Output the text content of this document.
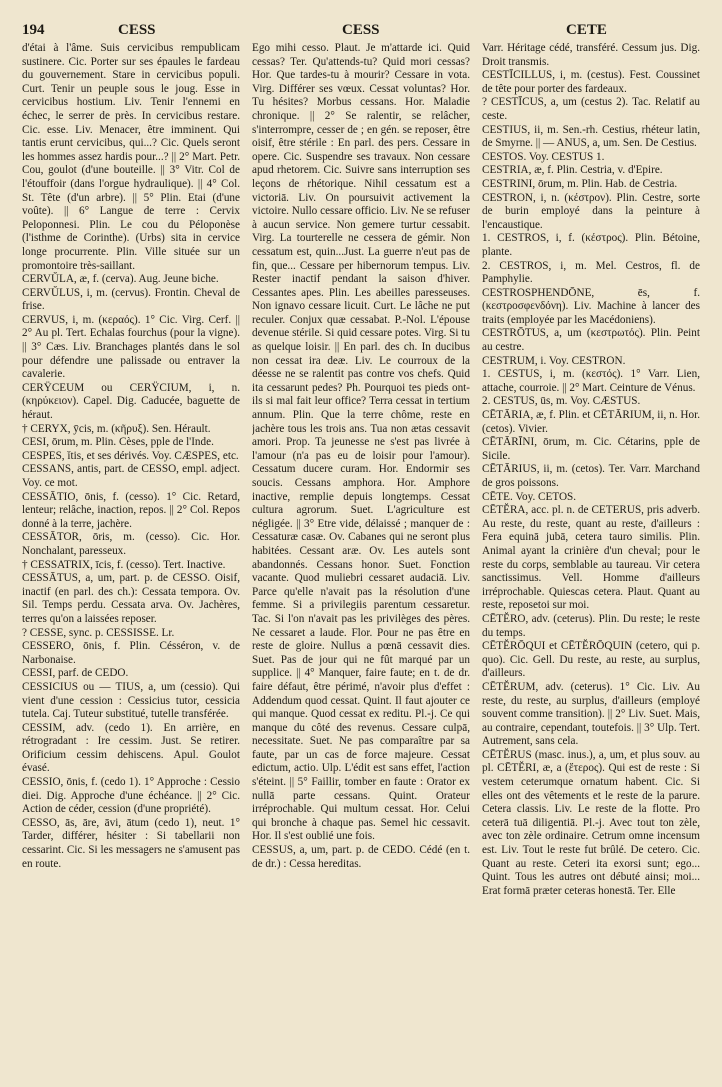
194	CESS	CESS	CETE

d'étai à l'âme. Suis cervicibus rempublicam sustinere. Cic. Porter sur ses épaules le fardeau du gouvernement. Stare in cervicibus populi. Curt. Tenir un peuple sous le joug. Esse in cervicibus hostium. Liv. Tenir l'ennemi en échec, le serrer de près. In cervicibus restare. Cic. esse. Liv. Menacer, être imminent. Qui tantis erunt cervicibus, qui...? Cic. Quels seront les hommes assez hardis pour...? || 2° Mart. Petr. Cou, goulot (d'une bouteille. || 3° Vitr. Col de l'étouffoir (dans l'orgue hydraulique). || 4° Col. St. Tête (d'un arbre). || 5° Plin. Etai (d'une voûte). || 6° Langue de terre : Cervix Peloponnesi. Plin. Le cou du Péloponèse (l'isthme de Corinthe). (Urbs) sita in cervice longe procurrente. Plin. Ville située sur un promontoire très-saillant.

CERVŬLA, æ, f. (cerva). Aug. Jeune biche.

CERVŬLUS, i, m. (cervus). Frontin. Cheval de frise.

CERVUS, i, m. (κεραός). 1° Cic. Virg. Cerf. || 2° Au pl. Tert. Echalas fourchus (pour la vigne). || 3° Cæs. Liv. Branchages plantés dans le sol pour défendre une palissade ou entraver la cavalerie.

CERŸCEUM ou CERŸCIUM, i, n. (κηρύκειον). Capel. Dig. Caducée, baguette de héraut.

† CERYX, ȳcis, m. (κῆρυξ). Sen. Hérault.

CESI, ōrum, m. Plin. Cèses, pple de l'Inde.

CESPES, ĭtis, et ses dérivés. Voy. CÆSPES, etc.

CESSANS, antis, part. de CESSO, empl. adject. Voy. ce mot.

CESSĀTIO, ōnis, f. (cesso). 1° Cic. Retard, lenteur; relâche, inaction, repos. || 2° Col. Repos donné à la terre, jachère.

CESSĀTOR, ōris, m. (cesso). Cic. Hor. Nonchalant, paresseux.

† CESSATRIX, īcis, f. (cesso). Tert. Inactive.

CESSĀTUS, a, um, part. p. de CESSO. Oisif, inactif (en parl. des ch.): Cessata tempora. Ov. Sil. Temps perdu. Cessata arva. Ov. Jachères, terres qu'on a laissées reposer.

? CESSE, sync. p. CESSISSE. Lr.

CESSERO, ōnis, f. Plin. Césséron, v. de Narbonaise.

CESSI, parf. de CEDO.

CESSICIUS ou — TIUS, a, um (cessio). Qui vient d'une cession : Cessicius tutor, cessicia tutela. Caj. Tuteur substitué, tutelle transférée.

CESSIM, adv. (cedo 1). En arrière, en rétrogradant : Ire cessim. Just. Se retirer. Orificium cessim dehiscens. Apul. Goulot évasé.

CESSIO, ōnis, f. (cedo 1). 1° Approche : Cessio diei. Dig. Approche d'une échéance. || 2° Cic. Action de céder, cession (d'une propriété).

CESSO, ās, āre, āvi, ātum (cedo 1), neut. 1° Tarder, différer, hésiter : Si tabellarii non cessarint. Cic. Si les messagers ne s'amusent pas en route.

Ego mihi cesso. Plaut. Je m'attarde ici. Quid cessas? Ter. Qu'attends-tu? Quid mori cessas? Hor. Que tardes-tu à mourir? Cessare in vota. Virg. Différer ses vœux. Cessat voluntas? Hor. Tu hésites? Morbus cessans. Hor. Maladie chronique. || 2° Se ralentir, se relâcher, s'interrompre, cesser de ; en gén. se reposer, être oisif, être stérile : En parl. des pers. Cessare in opere. Cic. Suspendre ses travaux. Non cessare apud rhetorem. Cic. Suivre sans interruption ses leçons de rhétorique. Nihil cessatum est a victoriā. Liv. On poursuivit activement la victoire. Nullo cessare officio. Liv. Ne se refuser à aucun service. Non gemere turtur cessabit. Virg. La tourterelle ne cessera de gémir. Non cessatum est, quin...Just. La guerre n'eut pas de fin, que... Cessare per hibernorum tempus. Liv. Rester inactif pendant la saison d'hiver. Cessantes apes. Plin. Les abeilles paresseuses. Non ignavo cessare licuit. Curt. Le lâche ne put reculer. Conjux quæ cessabat. P.-Nol. L'épouse devenue stérile. Si quid cessare potes. Virg. Si tu as quelque loisir. || En parl. des ch. In ducibus non cessat ira deæ. Liv. Le courroux de la déesse ne se ralentit pas contre vos chefs. Quid ita cessarunt pedes? Ph. Pourquoi tes pieds ont-ils si mal fait leur office? Terra cessat in tertium annum. Plin. Que la terre chôme, reste en jachère tous les trois ans. Tua non ætas cessavit amori. Prop. Ta jeunesse ne s'est pas livrée à l'amour (n'a pas eu de loisir pour l'amour). Cessatum ducere curam. Hor. Endormir ses soucis. Cessans amphora. Hor. Amphore inactive, remplie depuis longtemps. Cessat cultura agrorum. Suet. L'agriculture est négligée. || 3° Etre vide, délaissé ; manquer de : Cessaturæ casæ. Ov. Cabanes qui ne seront plus habitées. Cessant aræ. Ov. Les autels sont abandonnés. Cessans honor. Suet. Fonction vacante. Quod muliebri cessaret audaciā. Liv. Parce qu'elle n'avait pas la résolution d'une femme. Si a privilegiis parentum cessaretur. Tac. Si l'on n'avait pas les privilèges des pères. Ne cessaret a laude. Flor. Pour ne pas être en reste de gloire. Nullus a pœnā cessavit dies. Suet. Pas de jour qui ne fût marqué par un supplice. || 4° Manquer, faire faute; en t. de dr. faire défaut, être périmé, n'avoir plus d'effet : Addendum quod cessat. Quint. Il faut ajouter ce qui manque. Quod cessat ex reditu. Pl.-j. Ce qui manque du côté des revenus. Cessare culpā, necessitate. Suet. Ne pas comparaître par sa faute, par un cas de force majeure. Cessat edictum, actio. Ulp. L'édit est sans effet, l'action s'éteint. || 5° Faillir, tomber en faute : Orator ex nullā parte cessans. Quint. Orateur irréprochable. Qui multum cessat. Hor. Celui qui bronche à chaque pas. Semel hic cessavit. Hor. Il s'est oublié une fois.

CESSUS, a, um, part. p. de CEDO. Cédé (en t. de dr.) : Cessa hereditas.

Varr. Héritage cédé, transféré. Cessum jus. Dig. Droit transmis.

CESTĪCILLUS, i, m. (cestus). Fest. Coussinet de tête pour porter des fardeaux.

? CESTĪCUS, a, um (cestus 2). Tac. Relatif au ceste.

CESTIUS, ii, m. Sen.-rh. Cestius, rhéteur latin, de Smyrne. || — ANUS, a, um. Sen. De Cestius.

CESTOS. Voy. CESTUS 1.

CESTRIA, æ, f. Plin. Cestria, v. d'Epire.

CESTRINI, ōrum, m. Plin. Hab. de Cestria.

CESTRON, i, n. (κέστρον). Plin. Cestre, sorte de burin employé dans la peinture à l'encaustique.

1. CESTROS, i, f. (κέστρος). Plin. Bétoine, plante.

2. CESTROS, i, m. Mel. Cestros, fl. de Pamphylie.

CESTROSPHENDŌNE, ēs, f. (κεστροσφενδόνη). Liv. Machine à lancer des traits (employée par les Macédoniens).

CESTRŌTUS, a, um (κεστρωτός). Plin. Peint au cestre.

CESTRUM, i. Voy. CESTRON.

1. CESTUS, i, m. (κεστός). 1° Varr. Lien, attache, courroie. || 2° Mart. Ceinture de Vénus.

2. CESTUS, ūs, m. Voy. CÆSTUS.

CĒTĀRIA, æ, f. Plin. et CĒTĀRIUM, ii, n. Hor. (cetos). Vivier.

CĒTĀRĪNI, ōrum, m. Cic. Cétarins, pple de Sicile.

CĒTĀRIUS, ii, m. (cetos). Ter. Varr. Marchand de gros poissons.

CĒTE. Voy. CETOS.

CĒTĔRA, acc. pl. n. de CETERUS, pris adverb. Au reste, du reste, quant au reste, d'ailleurs : Fera equinā jubā, cetera tauro similis. Plin. Animal ayant la crinière d'un cheval; pour le reste du corps, semblable au taureau. Vir cetera sanctissimus. Vell. Homme d'ailleurs irréprochable. Quiescas cetera. Plaut. Quant au reste, reposetoi sur moi.

CĒTĔRO, adv. (ceterus). Plin. Du reste; le reste du temps.

CĒTĔRŌQUI et CĒTĔRŌQUIN (cetero, qui p. quo). Cic. Gell. Du reste, au reste, au surplus, d'ailleurs.

CĒTĔRUM, adv. (ceterus). 1° Cic. Liv. Au reste, du reste, au surplus, d'ailleurs (employé souvent comme transition). || 2° Liv. Suet. Mais, au contraire, cependant, toutefois. || 3° Ulp. Tert. Autrement, sans cela.

CĒTĔRUS (masc. inus.), a, um, et plus souv. au pl. CĒTĔRI, æ, a (ἕτερος). Qui est de reste : Si vestem ceterumque ornatum habent. Cic. Si elles ont des vêtements et le reste de la parure. Cetera classis. Liv. Le reste de la flotte. Pro ceterā tuā diligentiā. Pl.-j. Avec tout ton zèle, avec ton zèle ordinaire. Cetrum omne incensum est. Liv. Tout le reste fut brûlé. De cetero. Cic. Quant au reste. Ceteri ita exorsi sunt; ego... Quint. Tous les autres ont débuté ainsi; moi... Erat formā præter ceteras honestā. Ter. Elle
